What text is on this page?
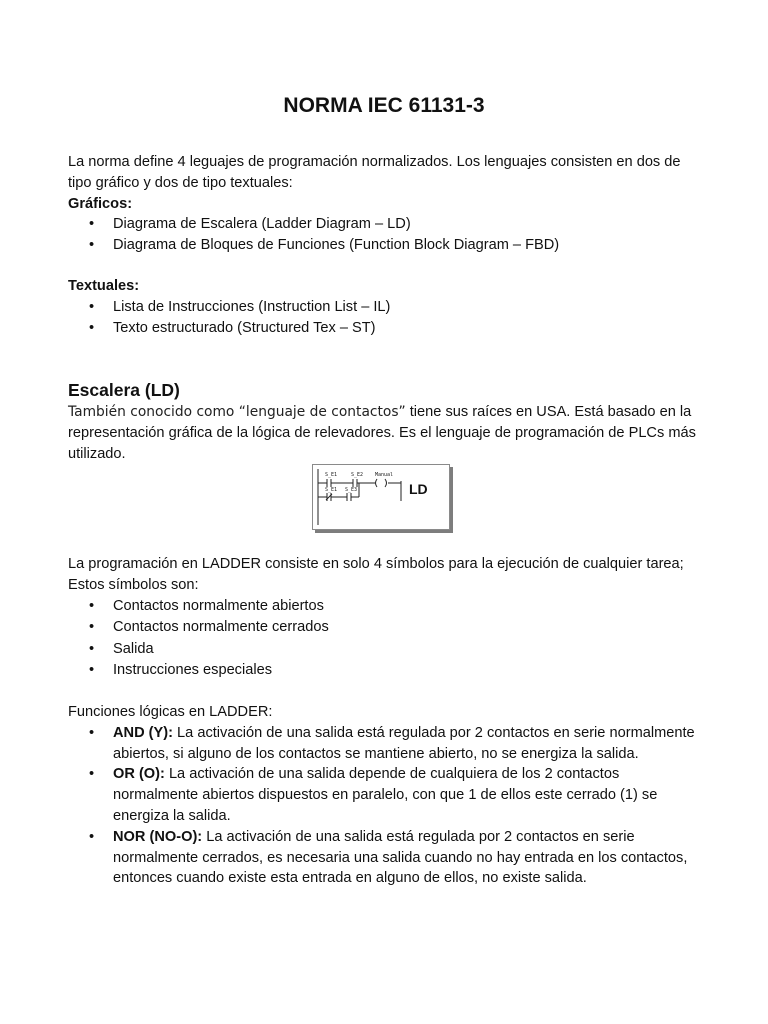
NORMA IEC 61131-3

La norma define 4 leguajes de programación normalizados. Los lenguajes consisten en dos de tipo gráfico y dos de tipo textuales:

Gráficos:

• Diagrama de Escalera (Ladder Diagram – LD)
• Diagrama de Bloques de Funciones (Function Block Diagram – FBD)

Textuales:

• Lista de Instrucciones (Instruction List – IL)
• Texto estructurado (Structured Tex – ST)
Escalera (LD)

También conocido como “lenguaje de contactos” tiene sus raíces en USA. Está basado en la representación gráfica de la lógica de relevadores. Es el lenguaje de programación de PLCs más utilizado.

S_E1	S_E2 Manual
S_E1 S_E3	LD

La programación en LADDER consiste en solo 4 símbolos para la ejecución de cualquier tarea; Estos símbolos son:

• Contactos normalmente abiertos
• Contactos normalmente cerrados
• Salida
• Instrucciones especiales

Funciones lógicas en LADDER:

• AND (Y): La activación de una salida está regulada por 2 contactos en serie normalmente abiertos, si alguno de los contactos se mantiene abierto, no se energiza la salida.
• OR (O): La activación de una salida depende de cualquiera de los 2 contactos normalmente abiertos dispuestos en paralelo, con que 1 de ellos este cerrado (1) se energiza la salida.
• NOR (NO-O): La activación de una salida está regulada por 2 contactos en serie normalmente cerrados, es necesaria una salida cuando no hay entrada en los contactos, entonces cuando existe esta entrada en alguno de ellos, no existe salida.
